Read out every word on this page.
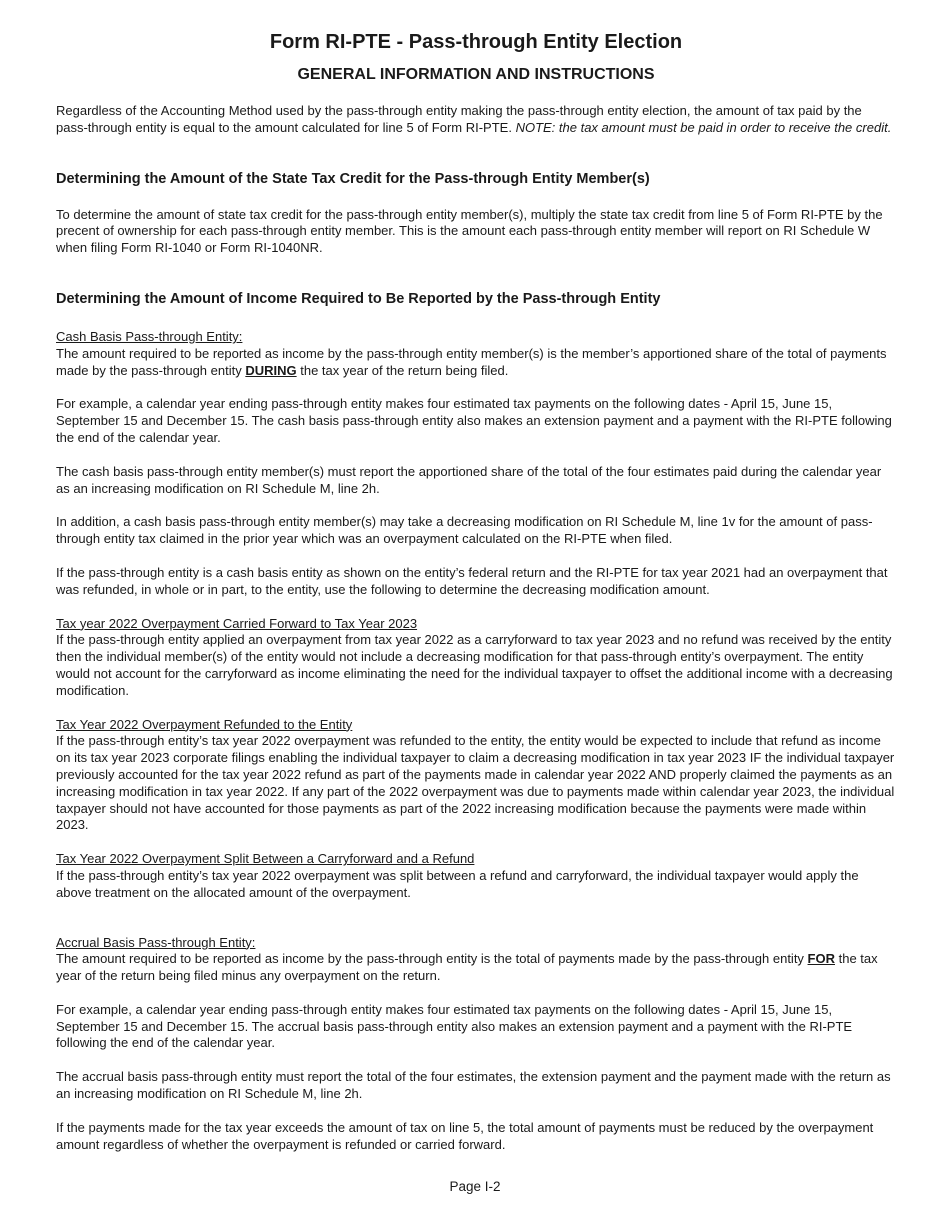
Form RI-PTE - Pass-through Entity Election
GENERAL INFORMATION AND INSTRUCTIONS

Regardless of the Accounting Method used by the pass-through entity making the pass-through entity election, the amount of tax paid by the pass-through entity is equal to the amount calculated for line 5 of Form RI-PTE. NOTE: the tax amount must be paid in order to receive the credit.

Determining the Amount of the State Tax Credit for the Pass-through Entity Member(s)

To determine the amount of state tax credit for the pass-through entity member(s), multiply the state tax credit from line 5 of Form RI-PTE by the precent of ownership for each pass-through entity member. This is the amount each pass-through entity member will report on RI Schedule W when filing Form RI-1040 or Form RI-1040NR.

Determining the Amount of Income Required to Be Reported by the Pass-through Entity

Cash Basis Pass-through Entity:

The amount required to be reported as income by the pass-through entity member(s) is the member’s apportioned share of the total of payments made by the pass-through entity DURING the tax year of the return being filed.

For example, a calendar year ending pass-through entity makes four estimated tax payments on the following dates - April 15, June 15, September 15 and December 15. The cash basis pass-through entity also makes an extension payment and a payment with the RI-PTE following the end of the calendar year.

The cash basis pass-through entity member(s) must report the apportioned share of the total of the four estimates paid during the calendar year as an increasing modification on RI Schedule M, line 2h.

In addition, a cash basis pass-through entity member(s) may take a decreasing modification on RI Schedule M, line 1v for the amount of pass-through entity tax claimed in the prior year which was an overpayment calculated on the RI-PTE when filed.

If the pass-through entity is a cash basis entity as shown on the entity’s federal return and the RI-PTE for tax year 2021 had an overpayment that was refunded, in whole or in part, to the entity, use the following to determine the decreasing modification amount.

Tax year 2022 Overpayment Carried Forward to Tax Year 2023

If the pass-through entity applied an overpayment from tax year 2022 as a carryforward to tax year 2023 and no refund was received by the entity then the individual member(s) of the entity would not include a decreasing modification for that pass-through entity’s overpayment. The entity would not account for the carryforward as income eliminating the need for the individual taxpayer to offset the additional income with a decreasing modification.

Tax Year 2022 Overpayment Refunded to the Entity

If the pass-through entity’s tax year 2022 overpayment was refunded to the entity, the entity would be expected to include that refund as income on its tax year 2023 corporate filings enabling the individual taxpayer to claim a decreasing modification in tax year 2023 IF the individual taxpayer previously accounted for the tax year 2022 refund as part of the payments made in calendar year 2022 AND properly claimed the payments as an increasing modification in tax year 2022. If any part of the 2022 overpayment was due to payments made within calendar year 2023, the individual taxpayer should not have accounted for those payments as part of the 2022 increasing modification because the payments were made within 2023.

Tax Year 2022 Overpayment Split Between a Carryforward and a Refund

If the pass-through entity’s tax year 2022 overpayment was split between a refund and carryforward, the individual taxpayer would apply the above treatment on the allocated amount of the overpayment.

Accrual Basis Pass-through Entity:

The amount required to be reported as income by the pass-through entity is the total of payments made by the pass-through entity FOR the tax year of the return being filed minus any overpayment on the return.

For example, a calendar year ending pass-through entity makes four estimated tax payments on the following dates - April 15, June 15, September 15 and December 15. The accrual basis pass-through entity also makes an extension payment and a payment with the RI-PTE following the end of the calendar year.

The accrual basis pass-through entity must report the total of the four estimates, the extension payment and the payment made with the return as an increasing modification on RI Schedule M, line 2h.

If the payments made for the tax year exceeds the amount of tax on line 5, the total amount of payments must be reduced by the overpayment amount regardless of whether the overpayment is refunded or carried forward.

Page I-2
